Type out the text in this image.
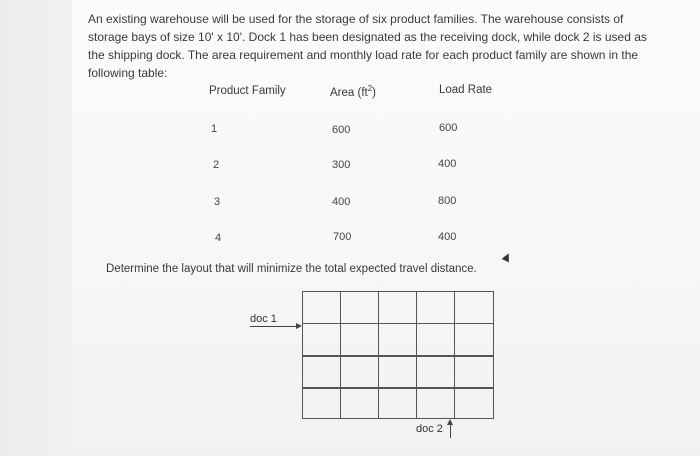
An existing warehouse will be used for the storage of six product families. The warehouse consists of storage bays of size 10' x 10'. Dock 1 has been designated as the receiving dock, while dock 2 is used as the shipping dock. The area requirement and monthly load rate for each product family are shown in the following table:

Product Family	Area $(ft^2)$	Load Rate
1	600	600
2	300	400
3	400	800
4	700	400
Determine the layout that will minimize the total expected travel distance.
doc 1
doc 2
